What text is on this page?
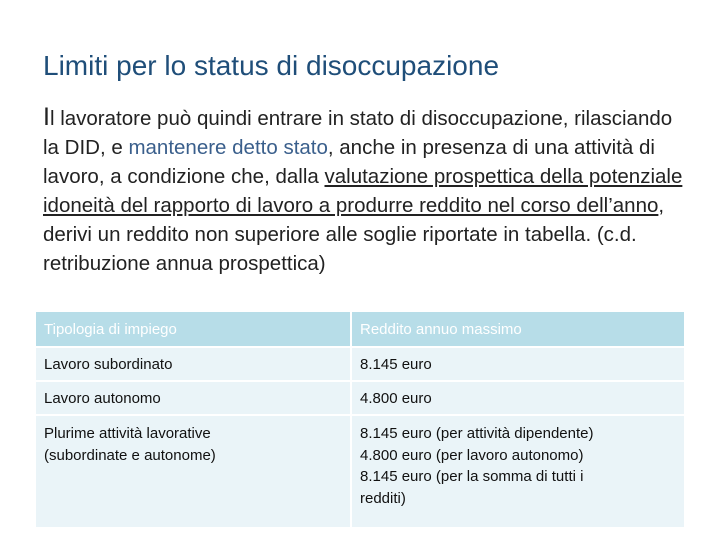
Limiti per lo status di disoccupazione

Il lavoratore può quindi entrare in stato di disoccupazione, rilasciando la DID, e mantenere detto stato, anche in presenza di una attività di lavoro, a condizione che, dalla valutazione prospettica della potenziale idoneità del rapporto di lavoro a produrre reddito nel corso dell’anno, derivi un reddito non superiore alle soglie riportate in tabella. (c.d. retribuzione annua prospettica)

Tipologia di impiego	Reddito annuo massimo

Lavoro subordinato	8.145 euro

Lavoro autonomo	4.800 euro

Plurime attività lavorative
(subordinate e autonome)	8.145 euro (per attività dipendente)
4.800 euro (per lavoro autonomo)
8.145 euro (per la somma di tutti i
redditi)
